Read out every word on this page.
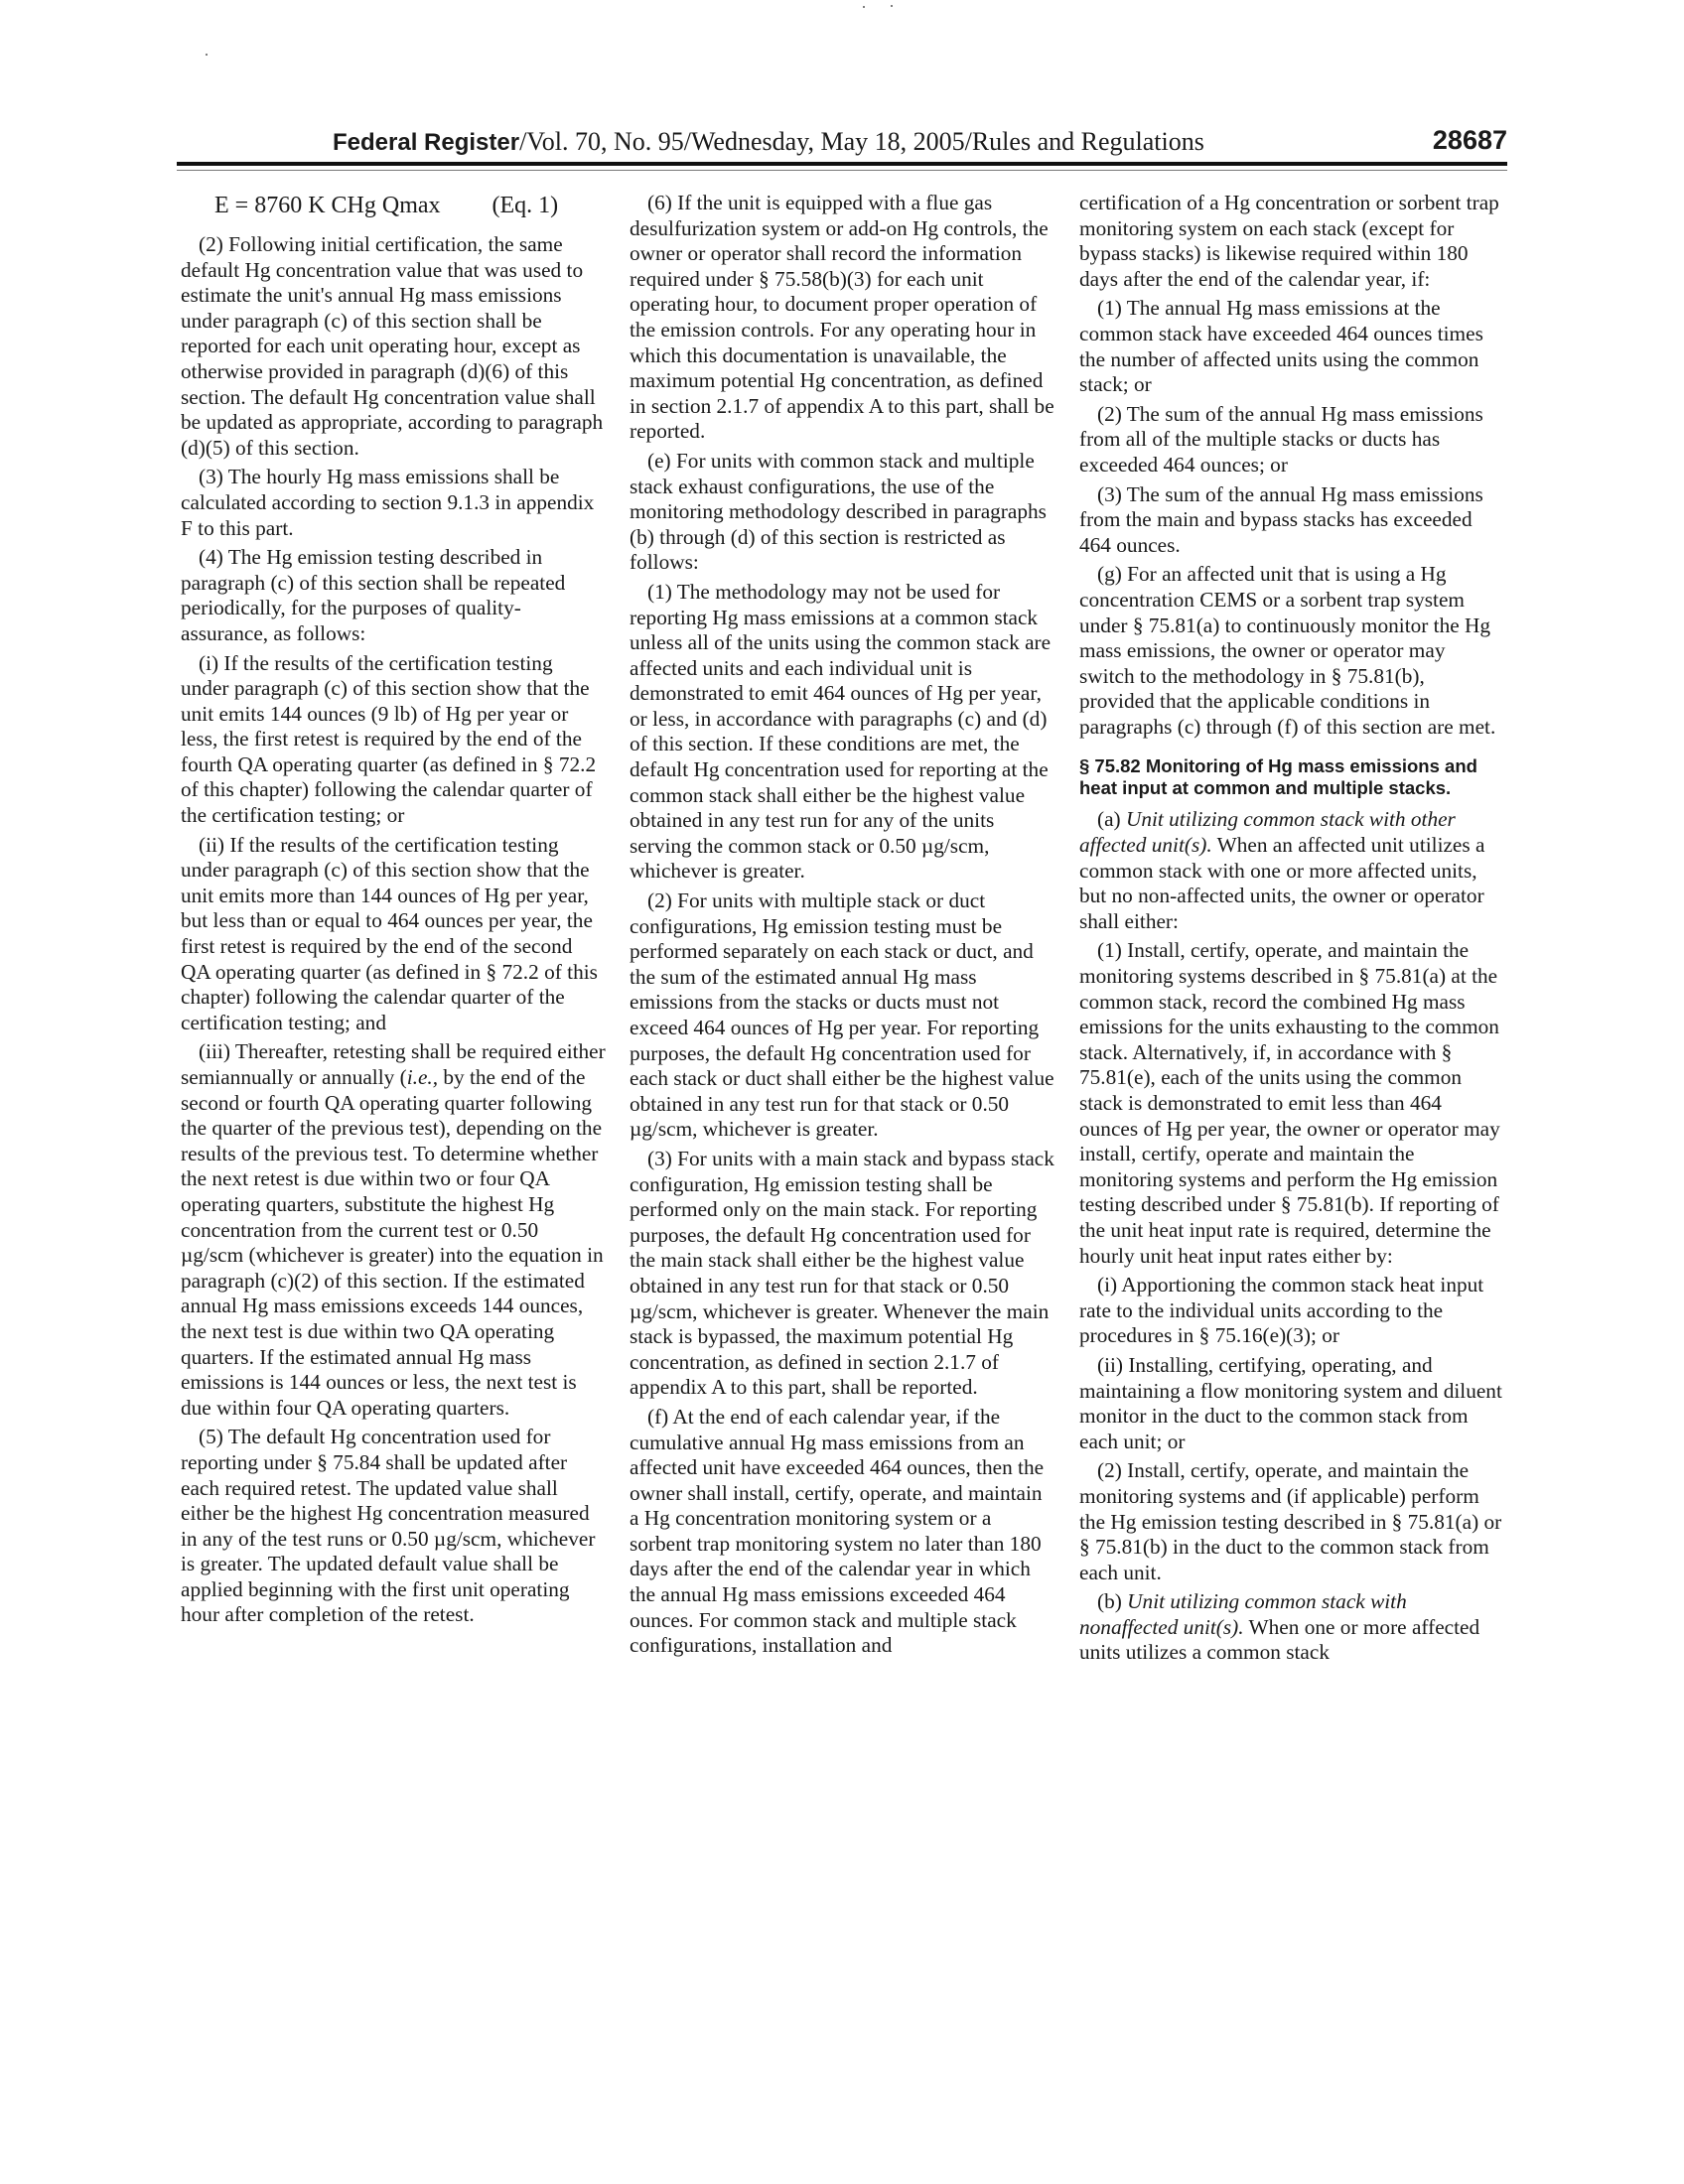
Federal Register/Vol. 70, No. 95/Wednesday, May 18, 2005/Rules and Regulations	28687
E = 8760 K CHg Qmax (Eq. 1)

(2) Following initial certification, the same default Hg concentration value that was used to estimate the unit's annual Hg mass emissions under paragraph (c) of this section shall be reported for each unit operating hour, except as otherwise provided in paragraph (d)(6) of this section. The default Hg concentration value shall be updated as appropriate, according to paragraph (d)(5) of this section.

(3) The hourly Hg mass emissions shall be calculated according to section 9.1.3 in appendix F to this part.

(4) The Hg emission testing described in paragraph (c) of this section shall be repeated periodically, for the purposes of quality-assurance, as follows:

(i) If the results of the certification testing under paragraph (c) of this section show that the unit emits 144 ounces (9 lb) of Hg per year or less, the first retest is required by the end of the fourth QA operating quarter (as defined in § 72.2 of this chapter) following the calendar quarter of the certification testing; or

(ii) If the results of the certification testing under paragraph (c) of this section show that the unit emits more than 144 ounces of Hg per year, but less than or equal to 464 ounces per year, the first retest is required by the end of the second QA operating quarter (as defined in § 72.2 of this chapter) following the calendar quarter of the certification testing; and

(iii) Thereafter, retesting shall be required either semiannually or annually (i.e., by the end of the second or fourth QA operating quarter following the quarter of the previous test), depending on the results of the previous test. To determine whether the next retest is due within two or four QA operating quarters, substitute the highest Hg concentration from the current test or 0.50 µg/scm (whichever is greater) into the equation in paragraph (c)(2) of this section. If the estimated annual Hg mass emissions exceeds 144 ounces, the next test is due within two QA operating quarters. If the estimated annual Hg mass emissions is 144 ounces or less, the next test is due within four QA operating quarters.

(5) The default Hg concentration used for reporting under § 75.84 shall be updated after each required retest. The updated value shall either be the highest Hg concentration measured in any of the test runs or 0.50 µg/scm, whichever is greater. The updated default value shall be applied beginning with the first unit operating hour after completion of the retest.

(6) If the unit is equipped with a flue gas desulfurization system or add-on Hg controls, the owner or operator shall record the information required under § 75.58(b)(3) for each unit operating hour, to document proper operation of the emission controls. For any operating hour in which this documentation is unavailable, the maximum potential Hg concentration, as defined in section 2.1.7 of appendix A to this part, shall be reported.

(e) For units with common stack and multiple stack exhaust configurations, the use of the monitoring methodology described in paragraphs (b) through (d) of this section is restricted as follows:

(1) The methodology may not be used for reporting Hg mass emissions at a common stack unless all of the units using the common stack are affected units and each individual unit is demonstrated to emit 464 ounces of Hg per year, or less, in accordance with paragraphs (c) and (d) of this section. If these conditions are met, the default Hg concentration used for reporting at the common stack shall either be the highest value obtained in any test run for any of the units serving the common stack or 0.50 µg/scm, whichever is greater.

(2) For units with multiple stack or duct configurations, Hg emission testing must be performed separately on each stack or duct, and the sum of the estimated annual Hg mass emissions from the stacks or ducts must not exceed 464 ounces of Hg per year. For reporting purposes, the default Hg concentration used for each stack or duct shall either be the highest value obtained in any test run for that stack or 0.50 µg/scm, whichever is greater.

(3) For units with a main stack and bypass stack configuration, Hg emission testing shall be performed only on the main stack. For reporting purposes, the default Hg concentration used for the main stack shall either be the highest value obtained in any test run for that stack or 0.50 µg/scm, whichever is greater. Whenever the main stack is bypassed, the maximum potential Hg concentration, as defined in section 2.1.7 of appendix A to this part, shall be reported.

(f) At the end of each calendar year, if the cumulative annual Hg mass emissions from an affected unit have exceeded 464 ounces, then the owner shall install, certify, operate, and maintain a Hg concentration monitoring system or a sorbent trap monitoring system no later than 180 days after the end of the calendar year in which the annual Hg mass emissions exceeded 464 ounces. For common stack and multiple stack configurations, installation and

certification of a Hg concentration or sorbent trap monitoring system on each stack (except for bypass stacks) is likewise required within 180 days after the end of the calendar year, if:

(1) The annual Hg mass emissions at the common stack have exceeded 464 ounces times the number of affected units using the common stack; or

(2) The sum of the annual Hg mass emissions from all of the multiple stacks or ducts has exceeded 464 ounces; or

(3) The sum of the annual Hg mass emissions from the main and bypass stacks has exceeded 464 ounces.

(g) For an affected unit that is using a Hg concentration CEMS or a sorbent trap system under § 75.81(a) to continuously monitor the Hg mass emissions, the owner or operator may switch to the methodology in § 75.81(b), provided that the applicable conditions in paragraphs (c) through (f) of this section are met.

§ 75.82 Monitoring of Hg mass emissions and heat input at common and multiple stacks.

(a) Unit utilizing common stack with other affected unit(s). When an affected unit utilizes a common stack with one or more affected units, but no non-affected units, the owner or operator shall either:

(1) Install, certify, operate, and maintain the monitoring systems described in § 75.81(a) at the common stack, record the combined Hg mass emissions for the units exhausting to the common stack. Alternatively, if, in accordance with § 75.81(e), each of the units using the common stack is demonstrated to emit less than 464 ounces of Hg per year, the owner or operator may install, certify, operate and maintain the monitoring systems and perform the Hg emission testing described under § 75.81(b). If reporting of the unit heat input rate is required, determine the hourly unit heat input rates either by:

(i) Apportioning the common stack heat input rate to the individual units according to the procedures in § 75.16(e)(3); or

(ii) Installing, certifying, operating, and maintaining a flow monitoring system and diluent monitor in the duct to the common stack from each unit; or

(2) Install, certify, operate, and maintain the monitoring systems and (if applicable) perform the Hg emission testing described in § 75.81(a) or § 75.81(b) in the duct to the common stack from each unit.

(b) Unit utilizing common stack with nonaffected unit(s). When one or more affected units utilizes a common stack
